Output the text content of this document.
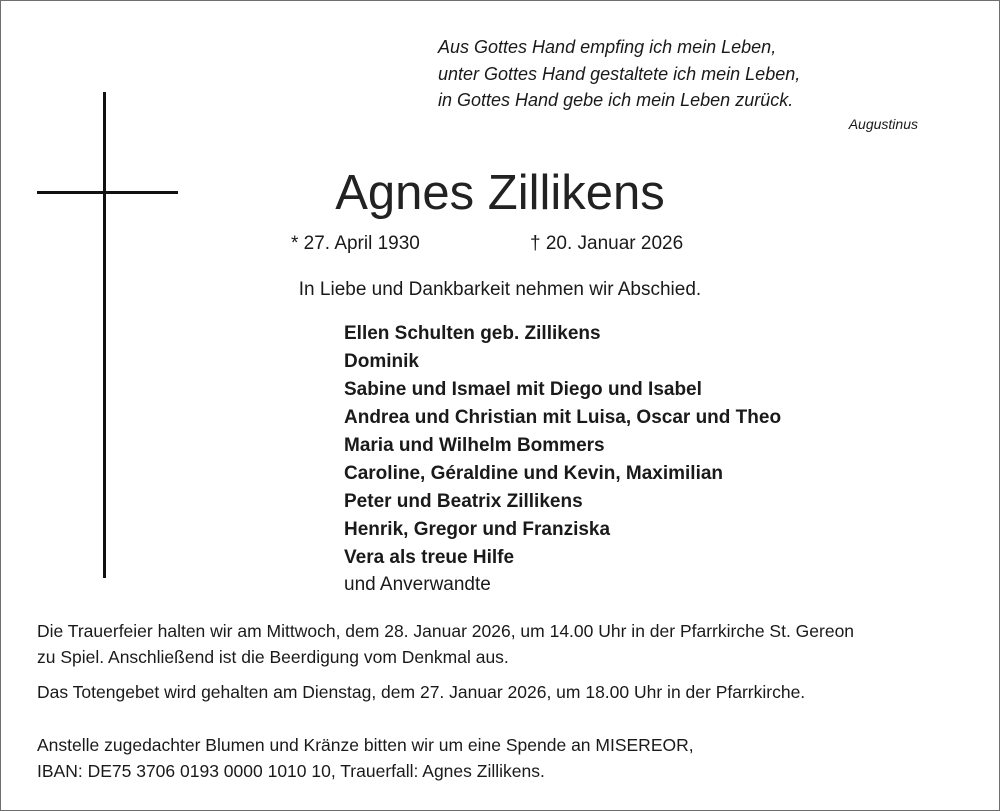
Aus Gottes Hand empfing ich mein Leben,
unter Gottes Hand gestaltete ich mein Leben,
in Gottes Hand gebe ich mein Leben zurück.
Augustinus
Agnes Zillikens
* 27. April 1930	† 20. Januar 2026
In Liebe und Dankbarkeit nehmen wir Abschied.
Ellen Schulten geb. Zillikens
Dominik
Sabine und Ismael mit Diego und Isabel
Andrea und Christian mit Luisa, Oscar und Theo
Maria und Wilhelm Bommers
Caroline, Géraldine und Kevin, Maximilian
Peter und Beatrix Zillikens
Henrik, Gregor und Franziska
Vera als treue Hilfe
und Anverwandte
Die Trauerfeier halten wir am Mittwoch, dem 28. Januar 2026, um 14.00 Uhr in der Pfarrkirche St. Gereon
zu Spiel. Anschließend ist die Beerdigung vom Denkmal aus.
Das Totengebet wird gehalten am Dienstag, dem 27. Januar 2026, um 18.00 Uhr in der Pfarrkirche.
Anstelle zugedachter Blumen und Kränze bitten wir um eine Spende an MISEREOR,
IBAN: DE75 3706 0193 0000 1010 10, Trauerfall: Agnes Zillikens.
